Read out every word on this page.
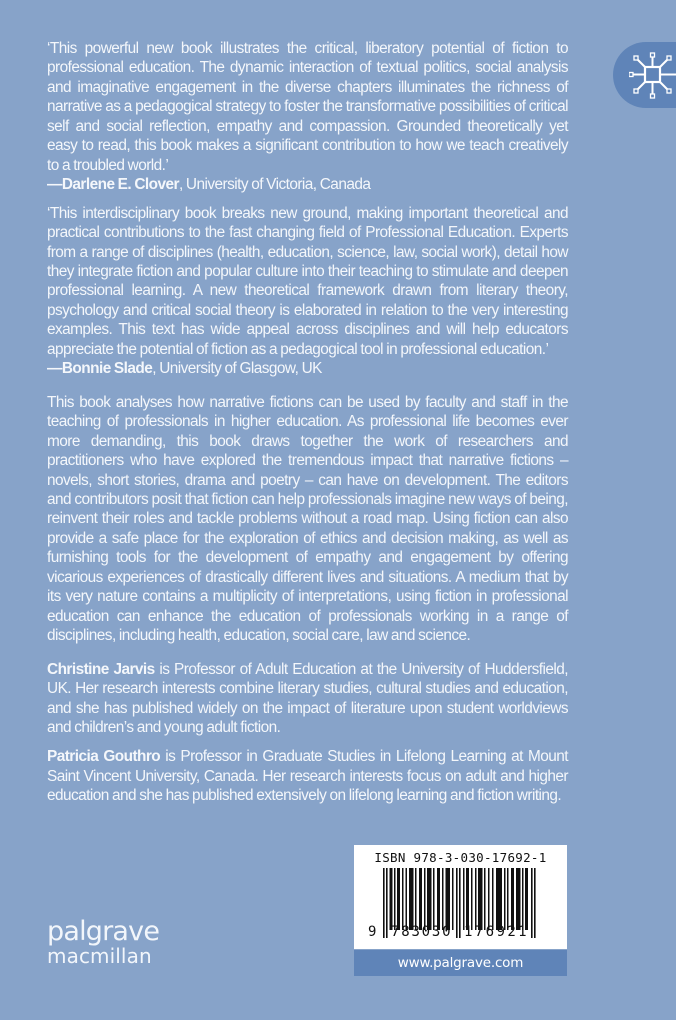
‘This powerful new book illustrates the critical, liberatory potential of fiction to professional education. The dynamic interaction of textual politics, social analysis and imaginative engagement in the diverse chapters illuminates the richness of narrative as a pedagogical strategy to foster the transformative possibilities of critical self and social reflection, empathy and compassion. Grounded theoretically yet easy to read, this book makes a significant contribution to how we teach creatively to a troubled world.’

—Darlene E. Clover, University of Victoria, Canada

‘This interdisciplinary book breaks new ground, making important theoretical and practical contributions to the fast changing field of Professional Education. Experts from a range of disciplines (health, education, science, law, social work), detail how they integrate fiction and popular culture into their teaching to stimulate and deepen professional learning. A new theoretical framework drawn from literary theory, psychology and critical social theory is elaborated in relation to the very interesting examples. This text has wide appeal across disciplines and will help educators appreciate the potential of fiction as a pedagogical tool in professional education.’

—Bonnie Slade, University of Glasgow, UK

This book analyses how narrative fictions can be used by faculty and staff in the teaching of professionals in higher education. As professional life becomes ever more demanding, this book draws together the work of researchers and practitioners who have explored the tremendous impact that narrative fictions – novels, short stories, drama and poetry – can have on development. The editors and contributors posit that fiction can help professionals imagine new ways of being, reinvent their roles and tackle problems without a road map. Using fiction can also provide a safe place for the exploration of ethics and decision making, as well as furnishing tools for the development of empathy and engagement by offering vicarious experiences of drastically different lives and situations. A medium that by its very nature contains a multiplicity of interpretations, using fiction in professional education can enhance the education of professionals working in a range of disciplines, including health, education, social care, law and science.

Christine Jarvis is Professor of Adult Education at the University of Huddersfield, UK. Her research interests combine literary studies, cultural studies and education, and she has published widely on the impact of literature upon student worldviews and children’s and young adult fiction.

Patricia Gouthro is Professor in Graduate Studies in Lifelong Learning at Mount Saint Vincent University, Canada. Her research interests focus on adult and higher education and she has published extensively on lifelong learning and fiction writing.

palgrave
macmillan
ISBN 978-3-030-17692-1
9 783030 176921
www.palgrave.com
